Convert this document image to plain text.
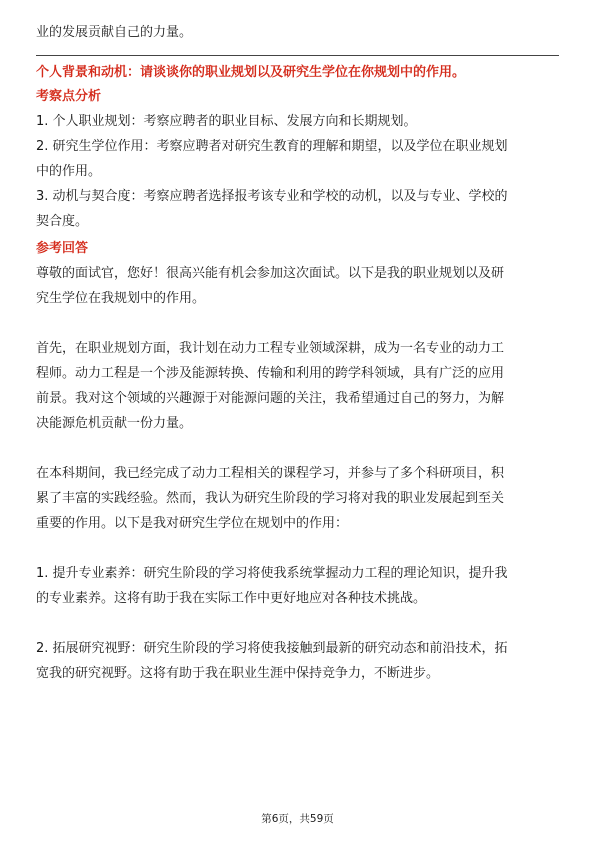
业的发展贡献自己的力量。

个人背景和动机：请谈谈你的职业规划以及研究生学位在你规划中的作用。

考察点分析

1. 个人职业规划：考察应聘者的职业目标、发展方向和长期规划。

2. 研究生学位作用：考察应聘者对研究生教育的理解和期望，以及学位在职业规划

中的作用。

3. 动机与契合度：考察应聘者选择报考该专业和学校的动机，以及与专业、学校的

契合度。

参考回答

尊敬的面试官，您好！很高兴能有机会参加这次面试。以下是我的职业规划以及研

究生学位在我规划中的作用。

首先，在职业规划方面，我计划在动力工程专业领域深耕，成为一名专业的动力工

程师。动力工程是一个涉及能源转换、传输和利用的跨学科领域，具有广泛的应用

前景。我对这个领域的兴趣源于对能源问题的关注，我希望通过自己的努力，为解

决能源危机贡献一份力量。

在本科期间，我已经完成了动力工程相关的课程学习，并参与了多个科研项目，积

累了丰富的实践经验。然而，我认为研究生阶段的学习将对我的职业发展起到至关

重要的作用。以下是我对研究生学位在规划中的作用：

1. 提升专业素养：研究生阶段的学习将使我系统掌握动力工程的理论知识，提升我

的专业素养。这将有助于我在实际工作中更好地应对各种技术挑战。

2. 拓展研究视野：研究生阶段的学习将使我接触到最新的研究动态和前沿技术，拓

宽我的研究视野。这将有助于我在职业生涯中保持竞争力，不断进步。

第6页，共59页
